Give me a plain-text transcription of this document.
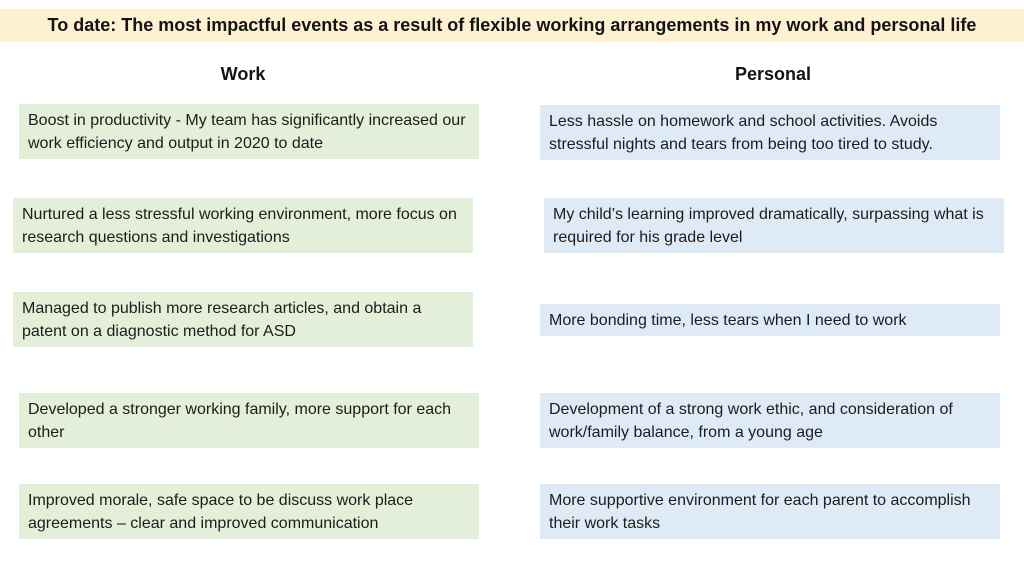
To date: The most impactful events as a result of flexible working arrangements in my work and personal life
Work	Personal
Boost in productivity - My team has significantly increased our work efficiency and output in 2020 to date
Nurtured a less stressful working environment, more focus on research questions and investigations
Managed to publish more research articles, and obtain a patent on a diagnostic method for ASD
Developed a stronger working family, more support for each other
Improved morale, safe space to be discuss work place agreements – clear and improved communication
Less hassle on homework and school activities. Avoids stressful nights and tears from being too tired to study.
My child’s learning improved dramatically, surpassing what is required for his grade level
More bonding time, less tears when I need to work
Development of a strong work ethic, and consideration of work/family balance, from a young age
More supportive environment for each parent to accomplish their work tasks
